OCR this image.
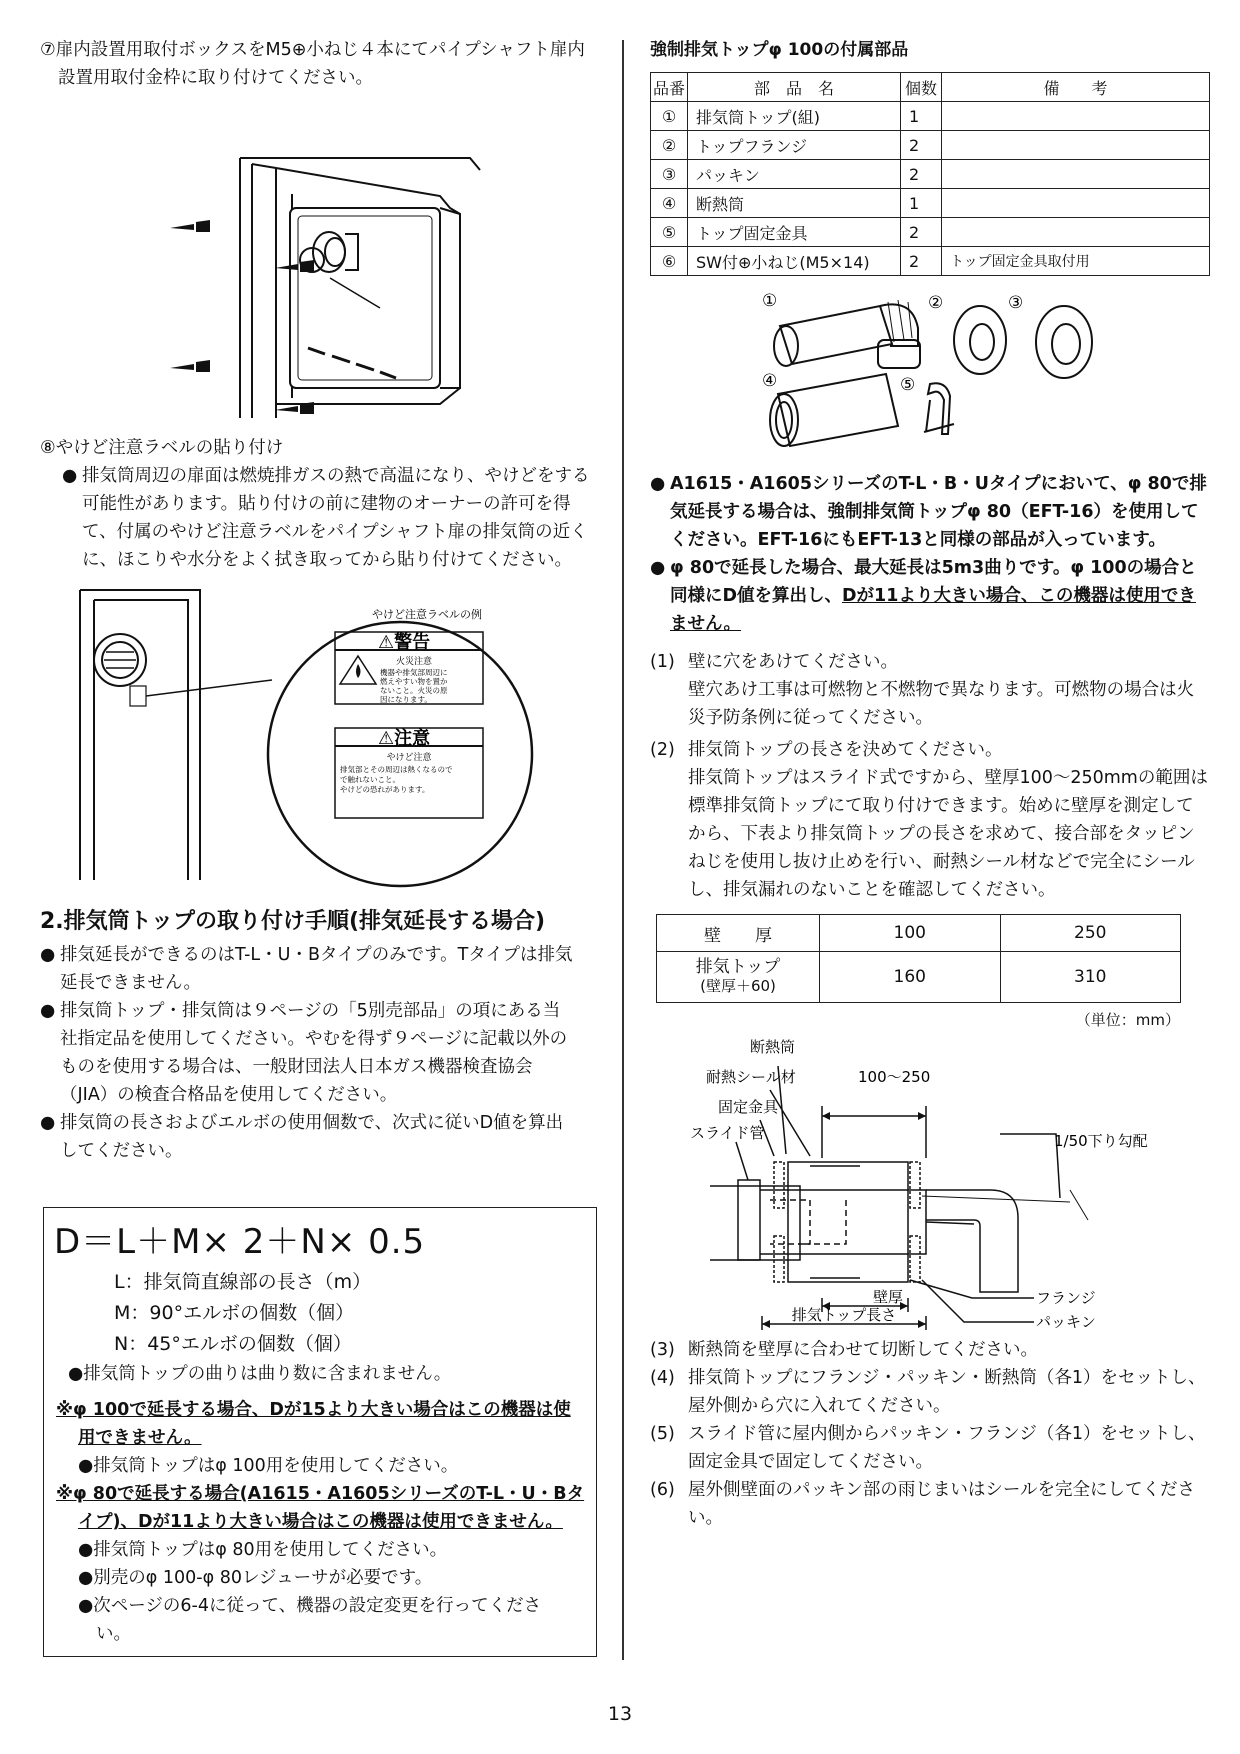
⑦扉内設置用取付ボックスをM5⊕小ねじ４本にてパイプシャフト扉内設置用取付金枠に取り付けてください。

⑧やけど注意ラベルの貼り付け

● 排気筒周辺の扉面は燃焼排ガスの熱で高温になり、やけどをする可能性があります。貼り付けの前に建物のオーナーの許可を得て、付属のやけど注意ラベルをパイプシャフト扉の排気筒の近くに、ほこりや水分をよく拭き取ってから貼り付けてください。

やけど注意ラベルの例
⚠警告
火災注意
機器や排気部周辺に
燃えやすい物を置か
ないこと。火災の原
因になります。
⚠注意
やけど注意
排気部とその周辺は熱くなるので
で触れないこと。
やけどの恐れがあります。

2.排気筒トップの取り付け手順(排気延長する場合)

● 排気延長ができるのはT-L・U・Bタイプのみです。Tタイプは排気延長できません。

● 排気筒トップ・排気筒は９ページの「5別売部品」の項にある当社指定品を使用してください。やむを得ず９ページに記載以外のものを使用する場合は、一般財団法人日本ガス機器検査協会（JIA）の検査合格品を使用してください。

● 排気筒の長さおよびエルボの使用個数で、次式に従いD値を算出してください。

D＝L＋M× 2＋N× 0.5

L：排気筒直線部の長さ（m）

M：90°エルボの個数（個）

N：45°エルボの個数（個）

●排気筒トップの曲りは曲り数に含まれません。

※φ 100で延長する場合、Dが15より大きい場合はこの機器は使用できません。

●排気筒トップはφ 100用を使用してください。

※φ 80で延長する場合(A1615・A1605シリーズのT-L・U・Bタイプ)、Dが11より大きい場合はこの機器は使用できません。

●排気筒トップはφ 80用を使用してください。

●別売のφ 100-φ 80レジューサが必要です。

●次ページの6-4に従って、機器の設定変更を行ってください。

強制排気トップφ 100の付属部品

品番	部　品　名	個数	備　　考
①	排気筒トップ(組)	1	
②	トップフランジ	2	
③	パッキン	2	
④	断熱筒	1	
⑤	トップ固定金具	2	
⑥	SW付⊕小ねじ(M5×14)	2	トップ固定金具取付用
①	②	③
④	⑤

● A1615・A1605シリーズのT-L・B・Uタイプにおいて、φ 80で排気延長する場合は、強制排気筒トップφ 80（EFT-16）を使用してください。EFT-16にもEFT-13と同様の部品が入っています。

● φ 80で延長した場合、最大延長は5m3曲りです。φ 100の場合と同様にD値を算出し、Dが11より大きい場合、この機器は使用できません。

(1) 壁に穴をあけてください。
壁穴あけ工事は可燃物と不燃物で異なります。可燃物の場合は火災予防条例に従ってください。

(2) 排気筒トップの長さを決めてください。
排気筒トップはスライド式ですから、壁厚100〜250mmの範囲は標準排気筒トップにて取り付けできます。始めに壁厚を測定してから、下表より排気筒トップの長さを求めて、接合部をタッピンねじを使用し抜け止めを行い、耐熱シール材などで完全にシールし、排気漏れのないことを確認してください。

壁　　厚	100	250
排気トップ
(壁厚＋60)	160	310

（単位：mm）

断熱筒
耐熱シール材	100〜250
固定金具
スライド管	1/50下り勾配
壁厚	フランジ
排気トップ長さ	パッキン

(3) 断熱筒を壁厚に合わせて切断してください。

(4) 排気筒トップにフランジ・パッキン・断熱筒（各1）をセットし、屋外側から穴に入れてください。

(5) スライド管に屋内側からパッキン・フランジ（各1）をセットし、固定金具で固定してください。

(6) 屋外側壁面のパッキン部の雨じまいはシールを完全にしてください。

13
